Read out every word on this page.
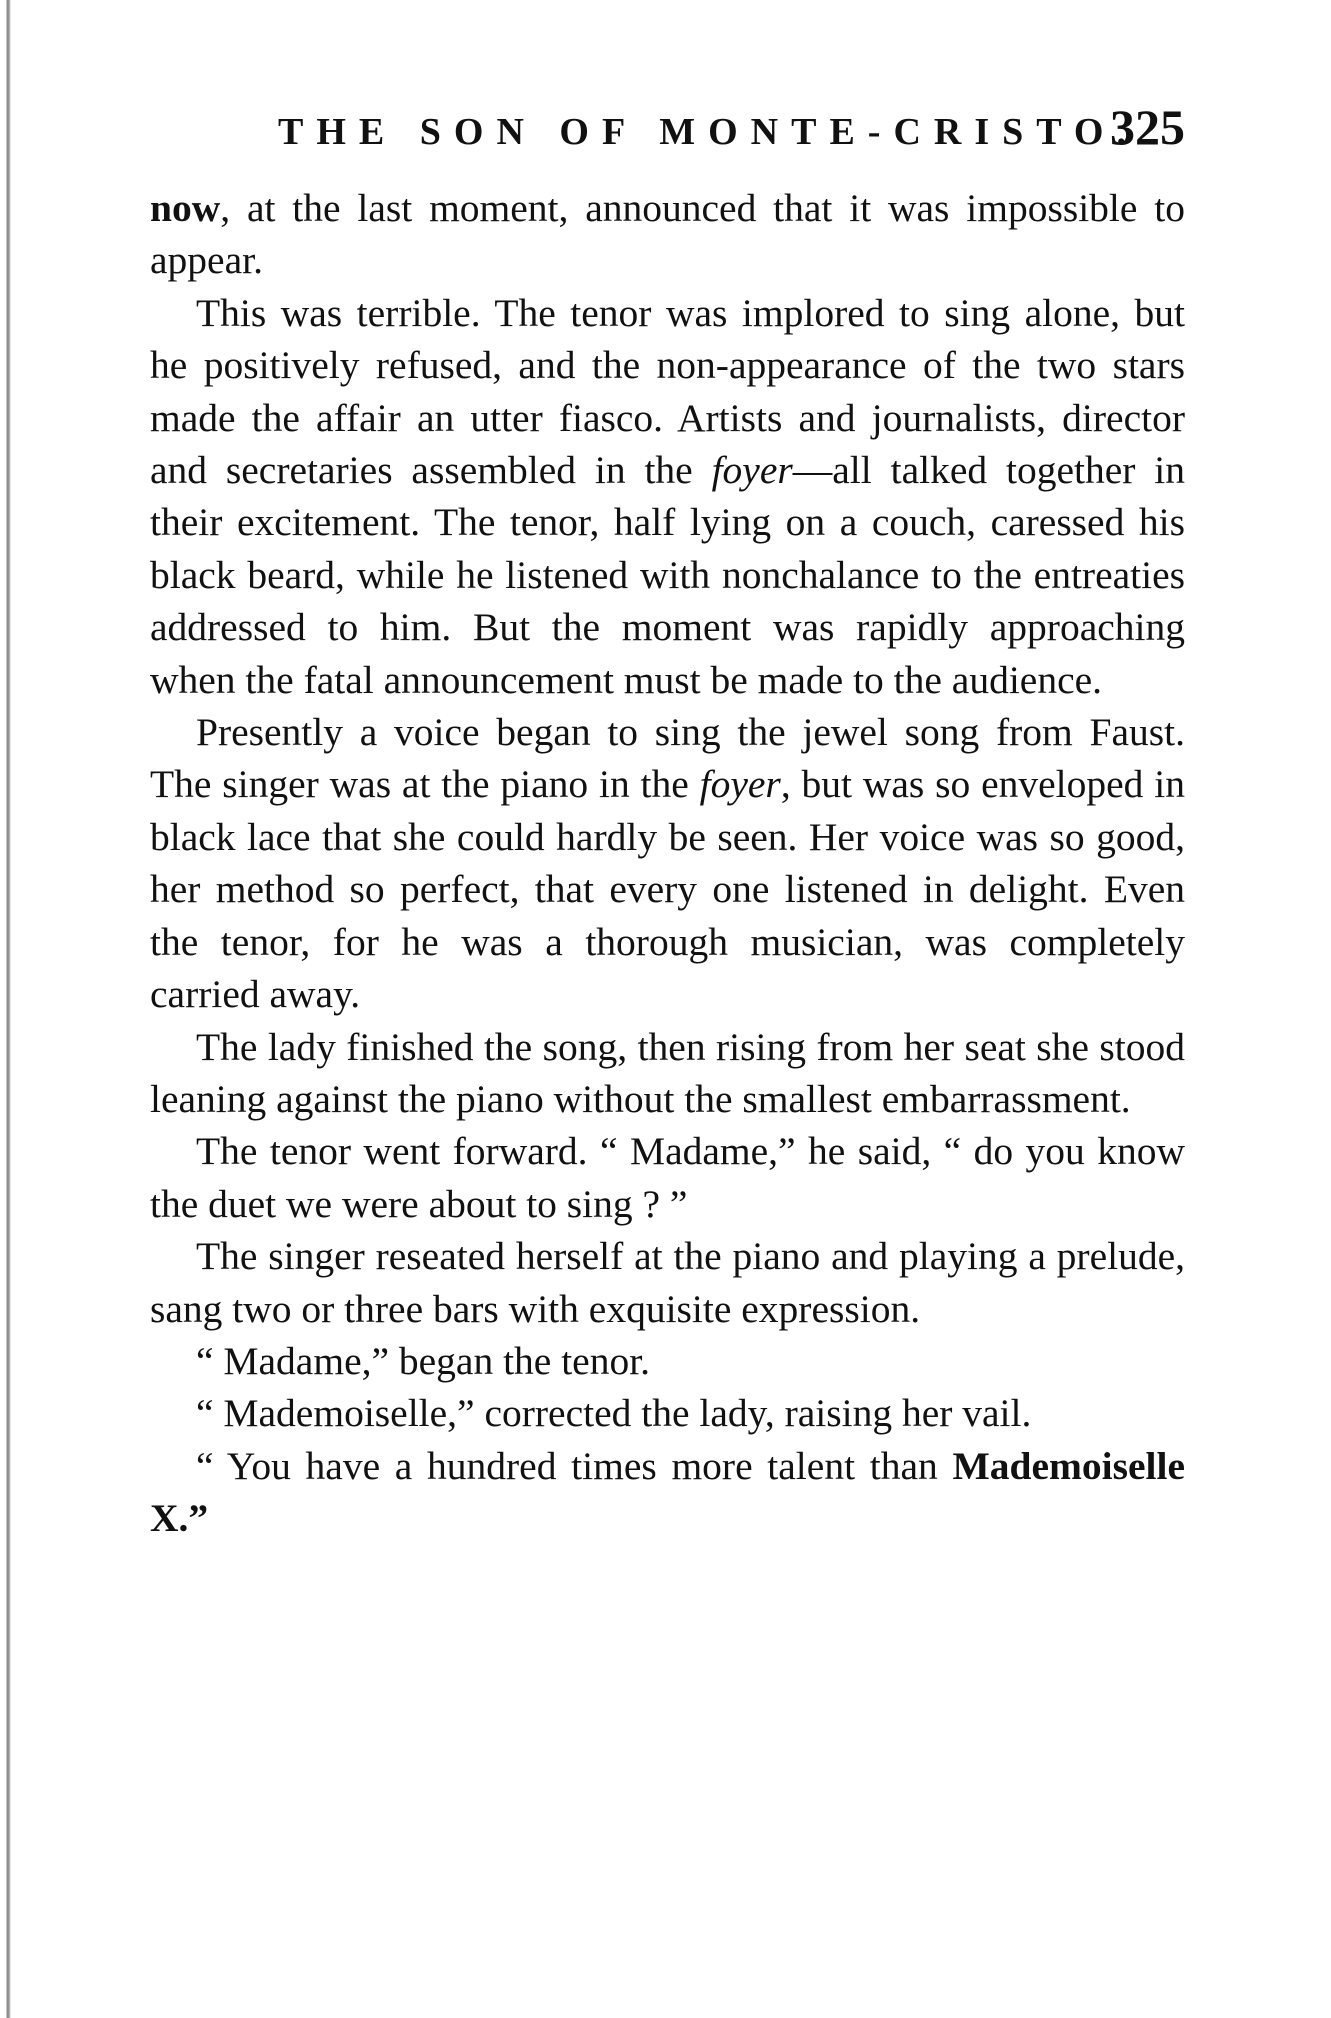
THE SON OF MONTE-CRISTO.
325

now, at the last moment, announced that it was impossible to appear.

This was terrible. The tenor was implored to sing alone, but he positively refused, and the non-appearance of the two stars made the affair an utter fiasco. Artists and journalists, director and secretaries assembled in the foyer—all talked together in their excitement. The tenor, half lying on a couch, caressed his black beard, while he listened with nonchalance to the entreaties addressed to him. But the moment was rapidly approaching when the fatal announcement must be made to the audience.

Presently a voice began to sing the jewel song from Faust. The singer was at the piano in the foyer, but was so enveloped in black lace that she could hardly be seen. Her voice was so good, her method so perfect, that every one listened in delight. Even the tenor, for he was a thorough musician, was completely carried away.

The lady finished the song, then rising from her seat she stood leaning against the piano without the smallest embarrassment.

The tenor went forward. “ Madame,” he said, “ do you know the duet we were about to sing ? ”

The singer reseated herself at the piano and playing a prelude, sang two or three bars with exquisite expression.

“ Madame,” began the tenor.

“ Mademoiselle,” corrected the lady, raising her vail.

“ You have a hundred times more talent than Mademoiselle X.”
